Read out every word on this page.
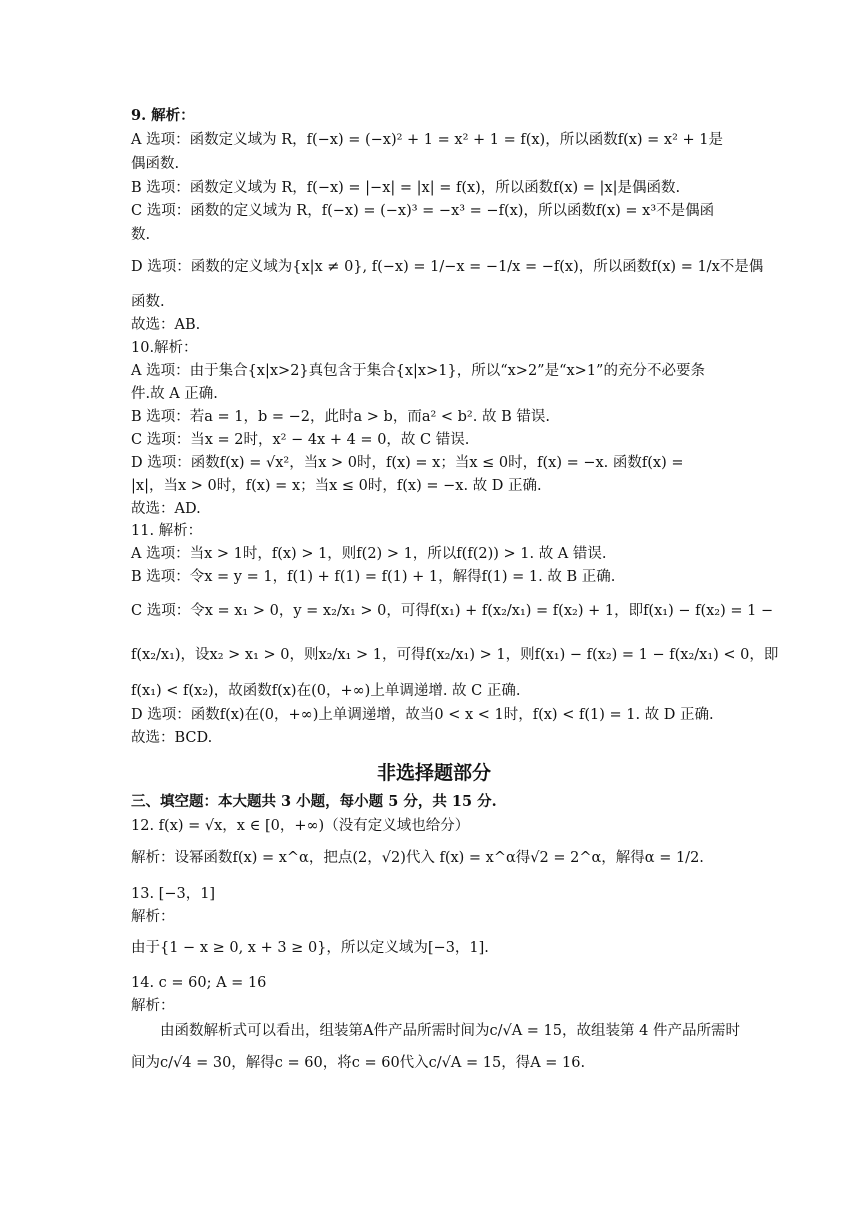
9. 解析：
A 选项：函数定义域为 R，f(−x) = (−x)² + 1 = x² + 1 = f(x)，所以函数f(x) = x² + 1是
偶函数.
B 选项：函数定义域为 R，f(−x) = |−x| = |x| = f(x)，所以函数f(x) = |x|是偶函数.
C 选项：函数的定义域为 R，f(−x) = (−x)³ = −x³ = −f(x)，所以函数f(x) = x³不是偶函
数.
D 选项：函数的定义域为{x|x ≠ 0}, f(−x) = 1/−x = −1/x = −f(x)，所以函数f(x) = 1/x不是偶
函数.
故选：AB.
10.解析：
A 选项：由于集合{x|x>2}真包含于集合{x|x>1}，所以“x>2”是“x>1”的充分不必要条
件.故 A 正确.
B 选项：若a = 1，b = −2，此时a > b，而a² < b². 故 B 错误.
C 选项：当x = 2时，x² − 4x + 4 = 0，故 C 错误.
D 选项：函数f(x) = √x²，当x > 0时，f(x) = x；当x ≤ 0时，f(x) = −x. 函数f(x) =
|x|，当x > 0时，f(x) = x；当x ≤ 0时，f(x) = −x. 故 D 正确.
故选：AD.
11. 解析：
A 选项：当x > 1时，f(x) > 1，则f(2) > 1，所以f(f(2)) > 1. 故 A 错误.
B 选项：令x = y = 1，f(1) + f(1) = f(1) + 1，解得f(1) = 1. 故 B 正确.
C 选项：令x = x₁ > 0，y = x₂/x₁ > 0，可得f(x₁) + f(x₂/x₁) = f(x₂) + 1，即f(x₁) − f(x₂) = 1 −
f(x₂/x₁)，设x₂ > x₁ > 0，则x₂/x₁ > 1，可得f(x₂/x₁) > 1，则f(x₁) − f(x₂) = 1 − f(x₂/x₁) < 0，即
f(x₁) < f(x₂)，故函数f(x)在(0，+∞)上单调递增. 故 C 正确.
D 选项：函数f(x)在(0，+∞)上单调递增，故当0 < x < 1时，f(x) < f(1) = 1. 故 D 正确.
故选：BCD.
非选择题部分
三、填空题：本大题共 3 小题，每小题 5 分，共 15 分.
12. f(x) = √x，x ∈ [0，+∞)（没有定义域也给分）
解析：设幂函数f(x) = x^α，把点(2，√2)代入 f(x) = x^α得√2 = 2^α，解得α = 1/2.
13. [−3，1]
解析：
由于{1 − x ≥ 0, x + 3 ≥ 0}，所以定义域为[−3，1].
14. c = 60; A = 16
解析：
由函数解析式可以看出，组装第A件产品所需时间为c/√A = 15，故组装第 4 件产品所需时
间为c/√4 = 30，解得c = 60，将c = 60代入c/√A = 15，得A = 16.
